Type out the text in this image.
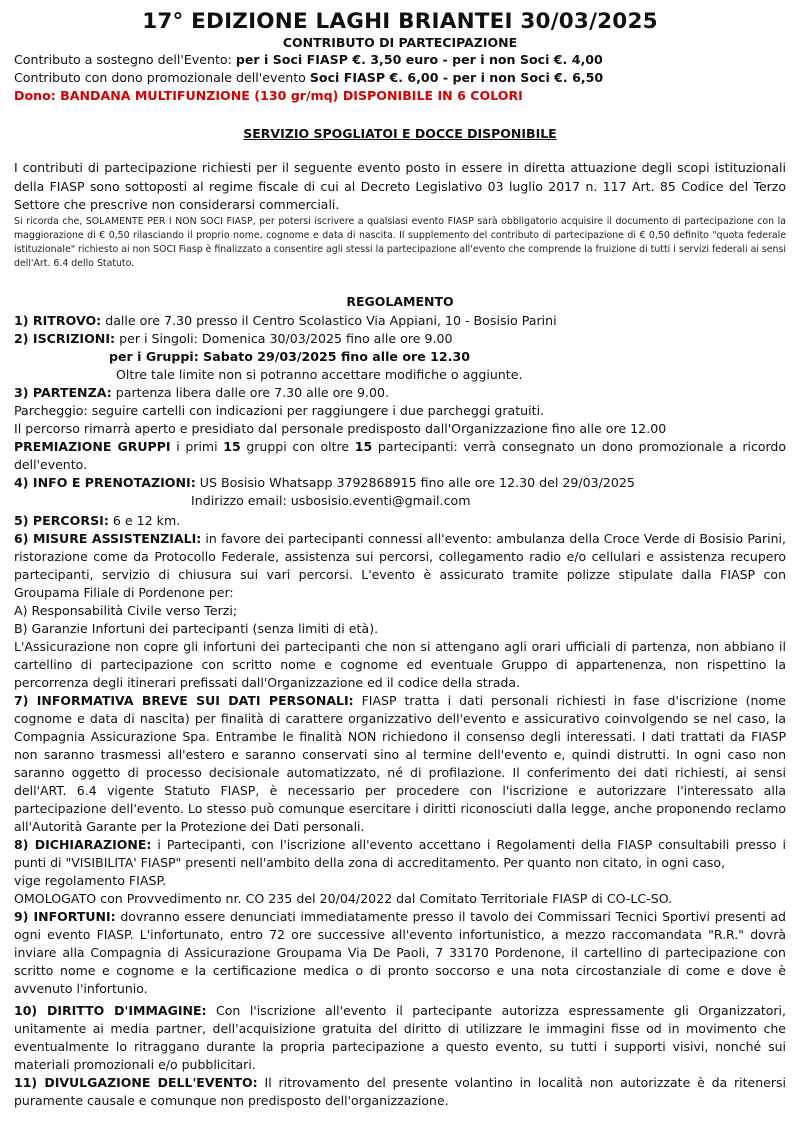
17° EDIZIONE LAGHI BRIANTEI 30/03/2025
CONTRIBUTO DI PARTECIPAZIONE
Contributo a sostegno dell'Evento: per i Soci FIASP €. 3,50 euro - per i non Soci €. 4,00
Contributo con dono promozionale dell'evento Soci FIASP €. 6,00 - per i non Soci €. 6,50
Dono: BANDANA MULTIFUNZIONE (130 gr/mq) DISPONIBILE IN 6 COLORI
SERVIZIO SPOGLIATOI E DOCCE DISPONIBILE
I contributi di partecipazione richiesti per il seguente evento posto in essere in diretta attuazione degli scopi istituzionali della FIASP sono sottoposti al regime fiscale di cui al Decreto Legislativo 03 luglio 2017 n. 117 Art. 85 Codice del Terzo Settore che prescrive non considerarsi commerciali.
Si ricorda che, SOLAMENTE PER I NON SOCI FIASP, per potersi iscrivere a qualsiasi evento FIASP sarà obbligatorio acquisire il documento di partecipazione con la maggiorazione di € 0,50 rilasciando il proprio nome, cognome e data di nascita. Il supplemento del contributo di partecipazione di € 0,50 definito "quota federale istituzionale" richiesto ai non SOCI Fiasp è finalizzato a consentire agli stessi la partecipazione all'evento che comprende la fruizione di tutti i servizi federali ai sensi dell'Art. 6.4 dello Statuto.
REGOLAMENTO
1) RITROVO: dalle ore 7.30 presso il Centro Scolastico Via Appiani, 10 - Bosisio Parini
2) ISCRIZIONI: per i Singoli: Domenica 30/03/2025 fino alle ore 9.00
per i Gruppi: Sabato 29/03/2025 fino alle ore 12.30
Oltre tale limite non si potranno accettare modifiche o aggiunte.
3) PARTENZA: partenza libera dalle ore 7.30 alle ore 9.00.
Parcheggio: seguire cartelli con indicazioni per raggiungere i due parcheggi gratuiti.
Il percorso rimarrà aperto e presidiato dal personale predisposto dall'Organizzazione fino alle ore 12.00
PREMIAZIONE GRUPPI i primi 15 gruppi con oltre 15 partecipanti: verrà consegnato un dono promozionale a ricordo dell'evento.
4) INFO E PRENOTAZIONI: US Bosisio Whatsapp 3792868915 fino alle ore 12.30 del 29/03/2025
Indirizzo email: usbosisio.eventi@gmail.com
5) PERCORSI: 6 e 12 km.
6) MISURE ASSISTENZIALI: in favore dei partecipanti connessi all'evento: ambulanza della Croce Verde di Bosisio Parini, ristorazione come da Protocollo Federale, assistenza sui percorsi, collegamento radio e/o cellulari e assistenza recupero partecipanti, servizio di chiusura sui vari percorsi. L'evento è assicurato tramite polizze stipulate dalla FIASP con Groupama Filiale di Pordenone per:
A) Responsabilità Civile verso Terzi;
B) Garanzie Infortuni dei partecipanti (senza limiti di età).
L'Assicurazione non copre gli infortuni dei partecipanti che non si attengano agli orari ufficiali di partenza, non abbiano il cartellino di partecipazione con scritto nome e cognome ed eventuale Gruppo di appartenenza, non rispettino la percorrenza degli itinerari prefissati dall'Organizzazione ed il codice della strada.
7) INFORMATIVA BREVE SUI DATI PERSONALI: FIASP tratta i dati personali richiesti in fase d'iscrizione (nome cognome e data di nascita) per finalità di carattere organizzativo dell'evento e assicurativo coinvolgendo se nel caso, la Compagnia Assicurazione Spa. Entrambe le finalità NON richiedono il consenso degli interessati. I dati trattati da FIASP non saranno trasmessi all'estero e saranno conservati sino al termine dell'evento e, quindi distrutti. In ogni caso non saranno oggetto di processo decisionale automatizzato, né di profilazione. Il conferimento dei dati richiesti, ai sensi dell'ART. 6.4 vigente Statuto FIASP, è necessario per procedere con l'iscrizione e autorizzare l'interessato alla partecipazione dell'evento. Lo stesso può comunque esercitare i diritti riconosciuti dalla legge, anche proponendo reclamo all'Autorità Garante per la Protezione dei Dati personali.
8) DICHIARAZIONE: i Partecipanti, con l'iscrizione all'evento accettano i Regolamenti della FIASP consultabili presso i punti di "VISIBILITA' FIASP" presenti nell'ambito della zona di accreditamento. Per quanto non citato, in ogni caso,
vige regolamento FIASP.
OMOLOGATO con Provvedimento nr. CO 235 del 20/04/2022 dal Comitato Territoriale FIASP di CO-LC-SO.
9) INFORTUNI: dovranno essere denunciati immediatamente presso il tavolo dei Commissari Tecnici Sportivi presenti ad ogni evento FIASP. L'infortunato, entro 72 ore successive all'evento infortunistico, a mezzo raccomandata "R.R." dovrà inviare alla Compagnia di Assicurazione Groupama Via De Paoli, 7 33170 Pordenone, il cartellino di partecipazione con scritto nome e cognome e la certificazione medica o di pronto soccorso e una nota circostanziale di come e dove è avvenuto l'infortunio.
10) DIRITTO D'IMMAGINE: Con l'iscrizione all'evento il partecipante autorizza espressamente gli Organizzatori, unitamente ai media partner, dell'acquisizione gratuita del diritto di utilizzare le immagini fisse od in movimento che eventualmente lo ritraggano durante la propria partecipazione a questo evento, su tutti i supporti visivi, nonché sui materiali promozionali e/o pubblicitari.
11) DIVULGAZIONE DELL'EVENTO: Il ritrovamento del presente volantino in località non autorizzate è da ritenersi puramente causale e comunque non predisposto dell'organizzazione.
